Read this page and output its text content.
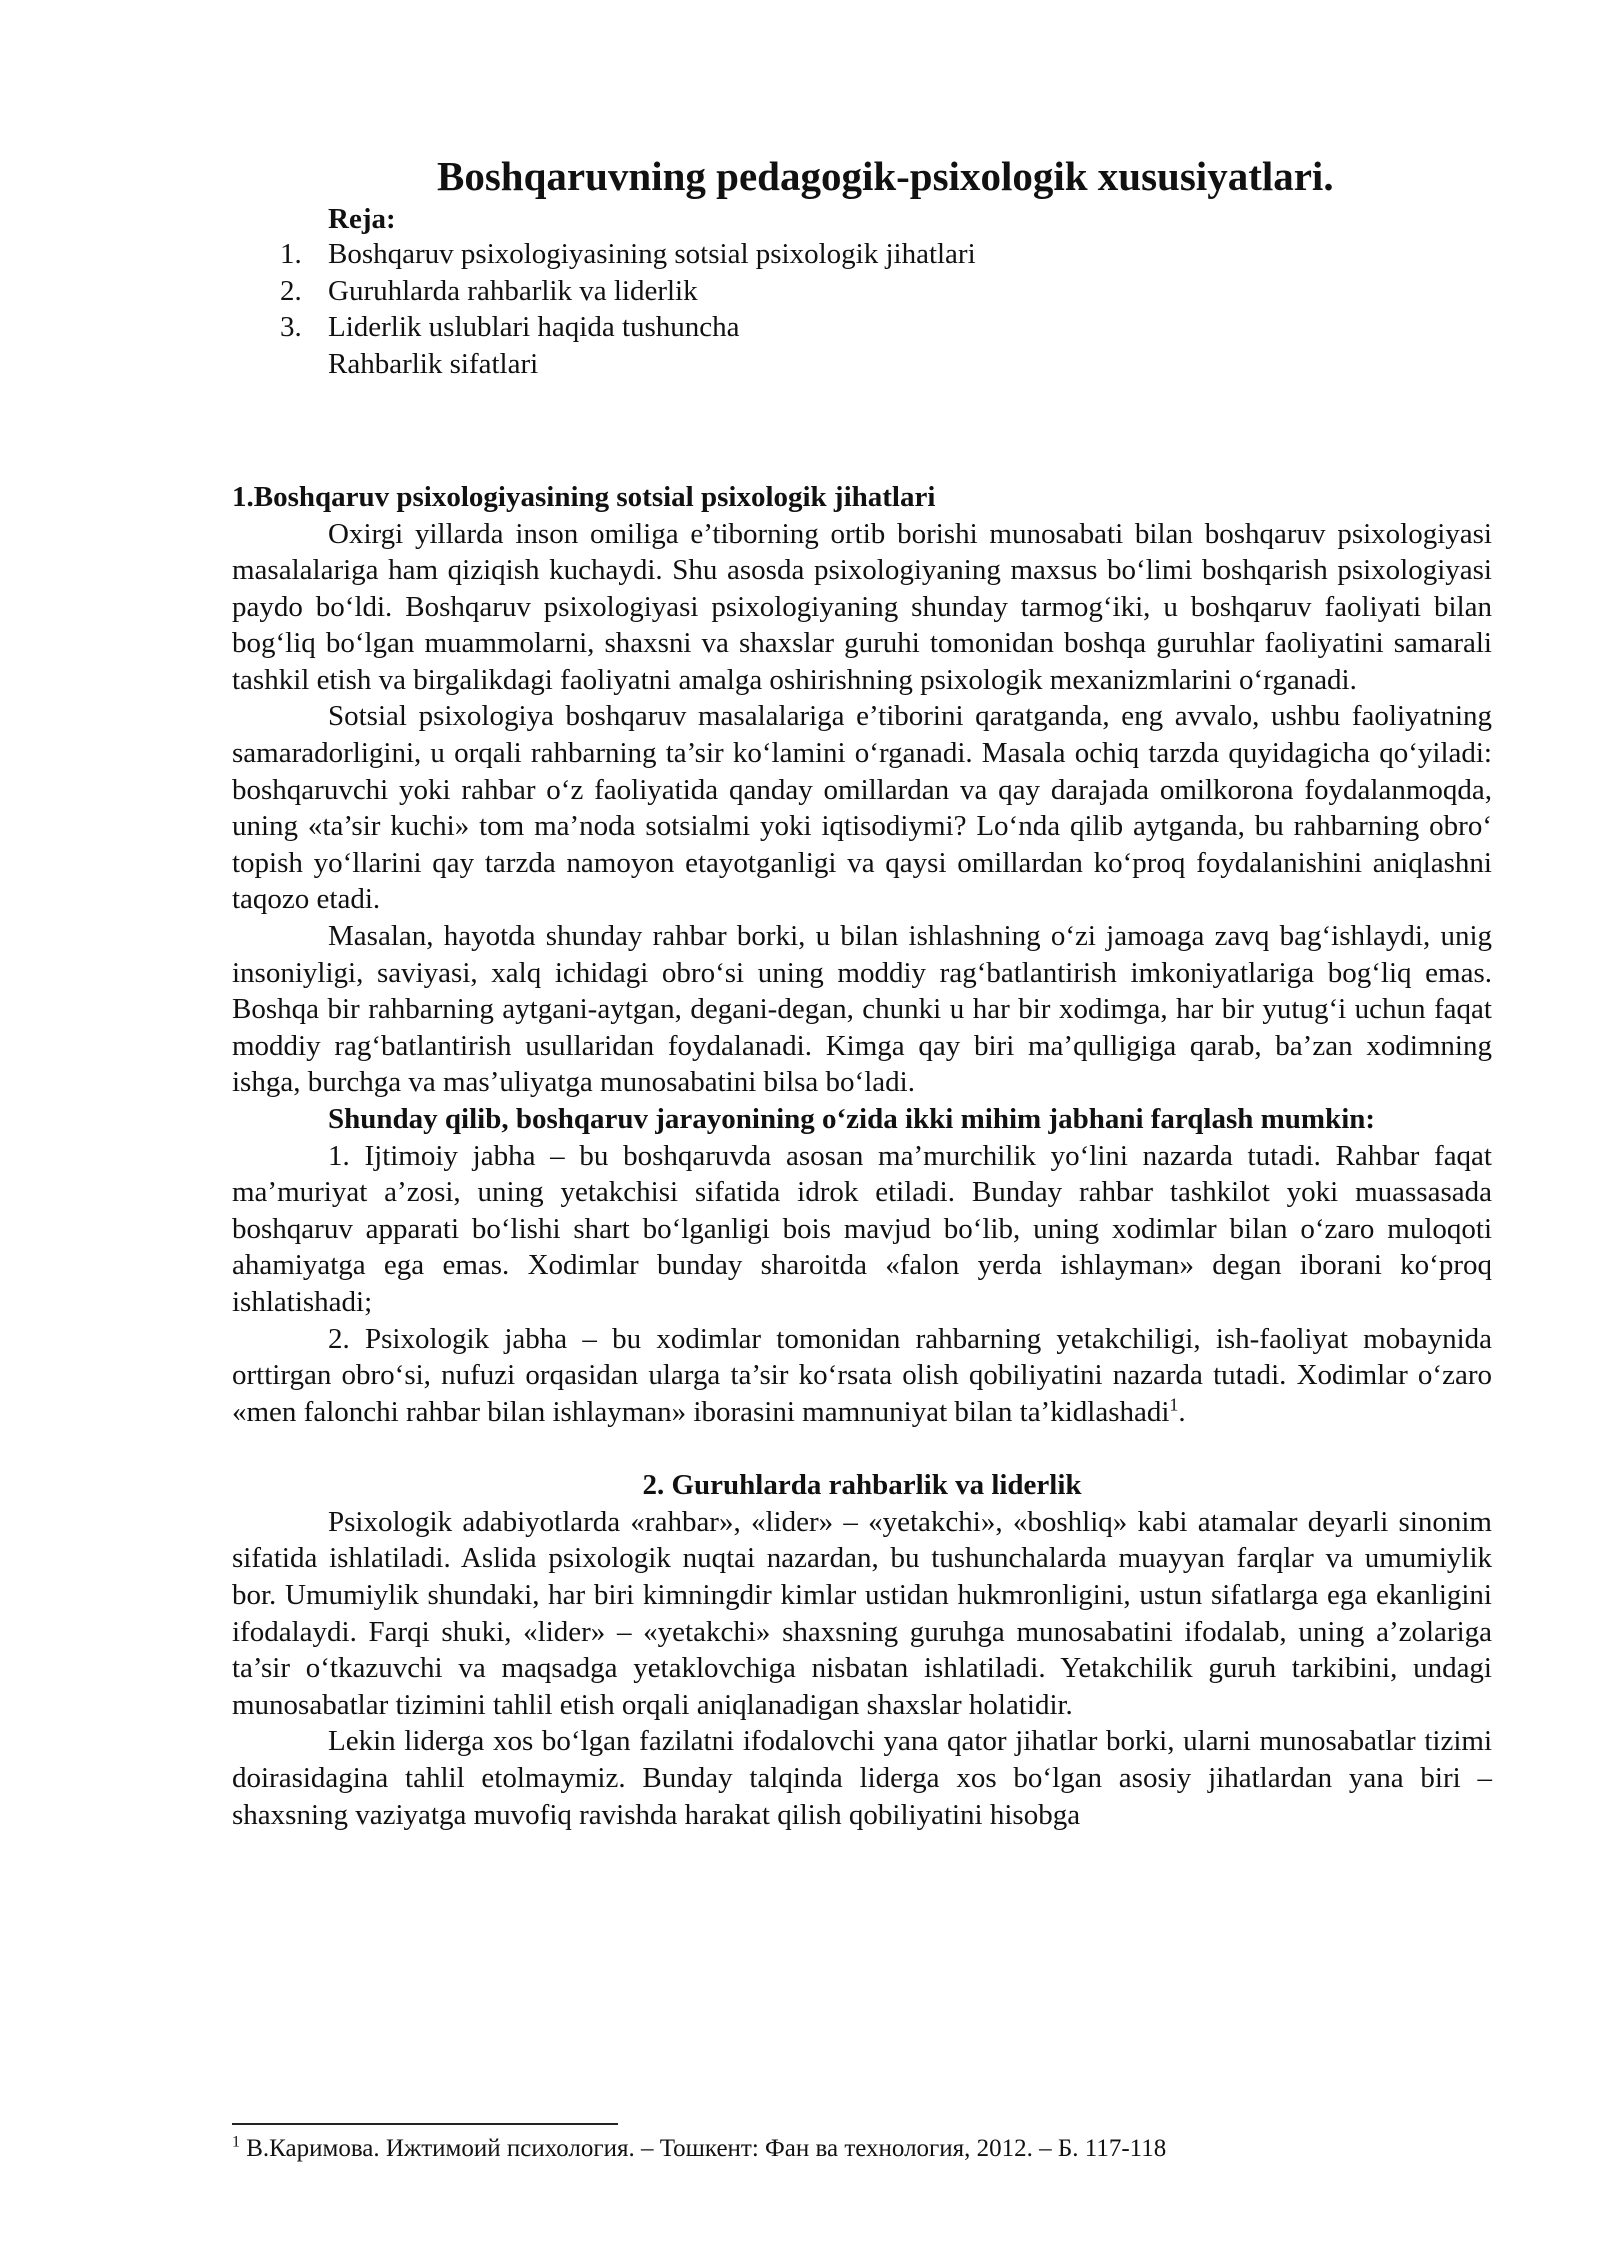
Boshqaruvning pedagogik-psixologik xususiyatlari.
Reja:
1. Boshqaruv psixologiyasining sotsial psixologik jihatlari
2. Guruhlarda rahbarlik va liderlik
3. Liderlik uslublari haqida tushuncha
Rahbarlik sifatlari
1.Boshqaruv psixologiyasining sotsial psixologik jihatlari

Oxirgi yillarda inson omiliga e’tiborning ortib borishi munosabati bilan boshqaruv psixologiyasi masalalariga ham qiziqish kuchaydi. Shu asosda psixologiyaning maxsus bo‘limi boshqarish psixologiyasi paydo bo‘ldi. Boshqaruv psixologiyasi psixologiyaning shunday tarmog‘iki, u boshqaruv faoliyati bilan bog‘liq bo‘lgan muammolarni, shaxsni va shaxslar guruhi tomonidan boshqa guruhlar faoliyatini samarali tashkil etish va birgalikdagi faoliyatni amalga oshirishning psixologik mexanizmlarini o‘rganadi.

Sotsial psixologiya boshqaruv masalalariga e’tiborini qaratganda, eng avvalo, ushbu faoliyatning samaradorligini, u orqali rahbarning ta’sir ko‘lamini o‘rganadi. Masala ochiq tarzda quyidagicha qo‘yiladi: boshqaruvchi yoki rahbar o‘z faoliyatida qanday omillardan va qay darajada omilkorona foydalanmoqda, uning «ta’sir kuchi» tom ma’noda sotsialmi yoki iqtisodiymi? Lo‘nda qilib aytganda, bu rahbarning obro‘ topish yo‘llarini qay tarzda namoyon etayotganligi va qaysi omillardan ko‘proq foydalanishini aniqlashni taqozo etadi.

Masalan, hayotda shunday rahbar borki, u bilan ishlashning o‘zi jamoaga zavq bag‘ishlaydi, unig insoniyligi, saviyasi, xalq ichidagi obro‘si uning moddiy rag‘batlantirish imkoniyatlariga bog‘liq emas. Boshqa bir rahbarning aytgani-aytgan, degani-degan, chunki u har bir xodimga, har bir yutug‘i uchun faqat moddiy rag‘batlantirish usullaridan foydalanadi. Kimga qay biri ma’qulligiga qarab, ba’zan xodimning ishga, burchga va mas’uliyatga munosabatini bilsa bo‘ladi.

Shunday qilib, boshqaruv jarayonining o‘zida ikki mihim jabhani farqlash mumkin:

1. Ijtimoiy jabha – bu boshqaruvda asosan ma’murchilik yo‘lini nazarda tutadi. Rahbar faqat ma’muriyat a’zosi, uning yetakchisi sifatida idrok etiladi. Bunday rahbar tashkilot yoki muassasada boshqaruv apparati bo‘lishi shart bo‘lganligi bois mavjud bo‘lib, uning xodimlar bilan o‘zaro muloqoti ahamiyatga ega emas. Xodimlar bunday sharoitda «falon yerda ishlayman» degan iborani ko‘proq ishlatishadi;

2. Psixologik jabha – bu xodimlar tomonidan rahbarning yetakchiligi, ish-faoliyat mobaynida orttirgan obro‘si, nufuzi orqasidan ularga ta’sir ko‘rsata olish qobiliyatini nazarda tutadi. Xodimlar o‘zaro «men falonchi rahbar bilan ishlayman» iborasini mamnuniyat bilan ta’kidlashadi$^1$.

2. Guruhlarda rahbarlik va liderlik

Psixologik adabiyotlarda «rahbar», «lider» – «yetakchi», «boshliq» kabi atamalar deyarli sinonim sifatida ishlatiladi. Aslida psixologik nuqtai nazardan, bu tushunchalarda muayyan farqlar va umumiylik bor. Umumiylik shundaki, har biri kimningdir kimlar ustidan hukmronligini, ustun sifatlarga ega ekanligini ifodalaydi. Farqi shuki, «lider» – «yetakchi» shaxsning guruhga munosabatini ifodalab, uning a’zolariga ta’sir o‘tkazuvchi va maqsadga yetaklovchiga nisbatan ishlatiladi. Yetakchilik guruh tarkibini, undagi munosabatlar tizimini tahlil etish orqali aniqlanadigan shaxslar holatidir.

Lekin liderga xos bo‘lgan fazilatni ifodalovchi yana qator jihatlar borki, ularni munosabatlar tizimi doirasidagina tahlil etolmaymiz. Bunday talqinda liderga xos bo‘lgan asosiy jihatlardan yana biri – shaxsning vaziyatga muvofiq ravishda harakat qilish qobiliyatini hisobga

$^1$ В.Каримова. Ижтимоий психология. – Тошкент: Фан ва технология, 2012. – Б. 117-118
